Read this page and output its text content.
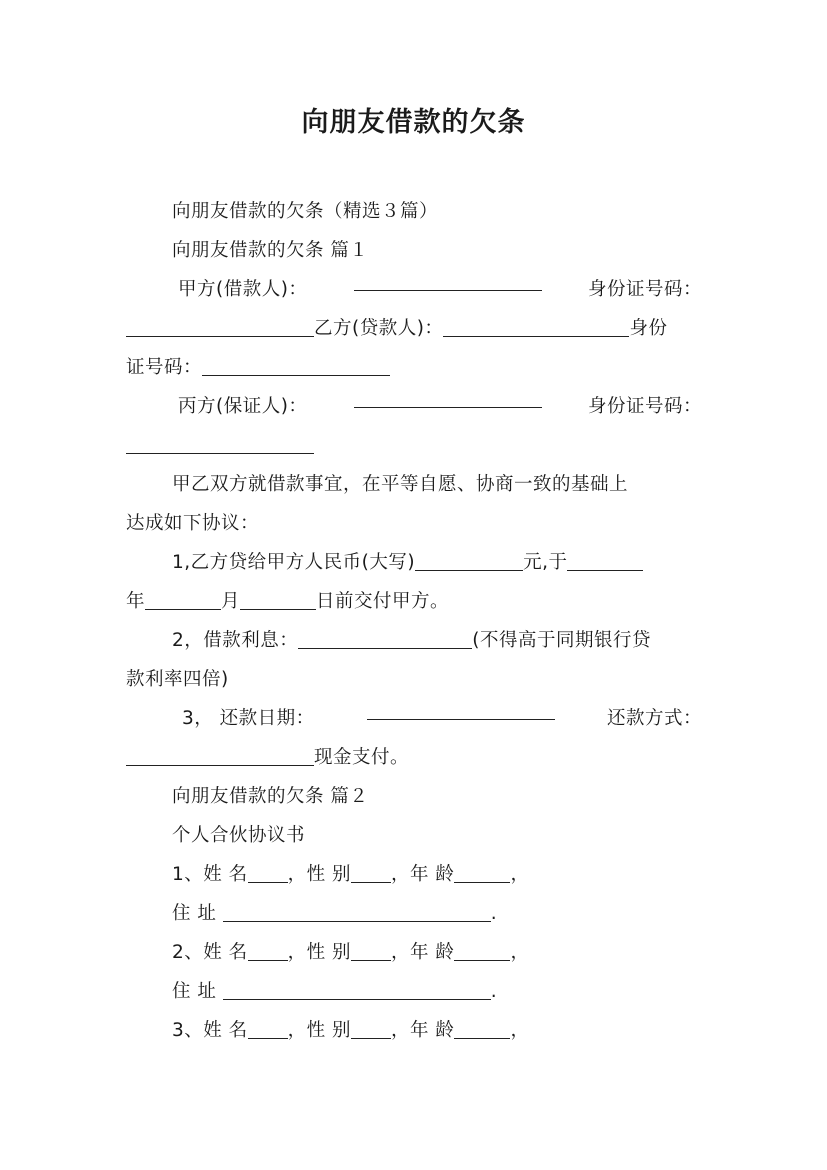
向朋友借款的欠条
向朋友借款的欠条（精选３篇）
向朋友借款的欠条 篇１
甲方(借款人)：	身份证号码：
乙方(贷款人)：	身份
证号码：
丙方(保证人)：	身份证号码：
甲乙双方就借款事宜，在平等自愿、协商一致的基础上
达成如下协议：
1,乙方贷给甲方人民币(大写)	元,于
年	月	日前交付甲方。
2，借款利息：	(不得高于同期银行贷
款利率四倍)
3， 还款日期：	还款方式：
现金支付。
向朋友借款的欠条 篇２
个人合伙协议书
1、姓 名 ，性 别 ，年 龄	，
住 址	.
2、姓 名 ，性 别 ，年 龄	，
住 址	.
3、姓 名 ，性 别 ，年 龄	，
